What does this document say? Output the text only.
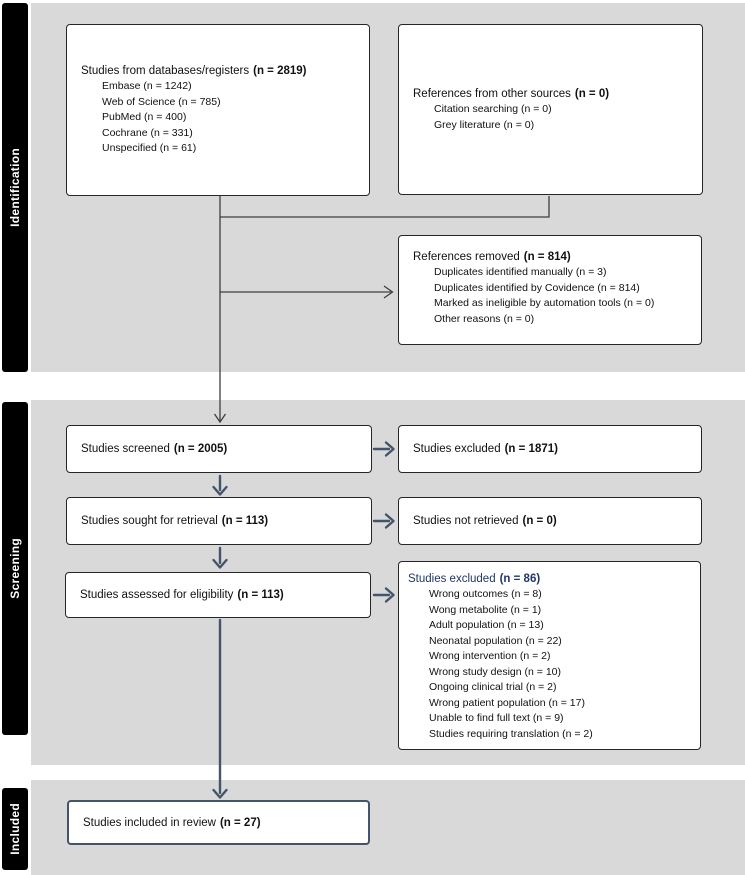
Identification
Screening
Included
Studies from databases/registers (n = 2819)
Embase (n = 1242)
Web of Science (n = 785)
PubMed (n = 400)
Cochrane (n = 331)
Unspecified (n = 61)
References from other sources (n = 0)
Citation searching (n = 0)
Grey literature (n = 0)
References removed (n = 814)
Duplicates identified manually (n = 3)
Duplicates identified by Covidence (n = 814)
Marked as ineligible by automation tools (n = 0)
Other reasons (n = 0)
Studies screened (n = 2005)	Studies excluded (n = 1871)
Studies sought for retrieval (n = 113)	Studies not retrieved (n = 0)
Studies assessed for eligibility (n = 113)
Studies excluded (n = 86)
Wrong outcomes (n = 8)
Wong metabolite (n = 1)
Adult population (n = 13)
Neonatal population (n = 22)
Wrong intervention (n = 2)
Wrong study design (n = 10)
Ongoing clinical trial (n = 2)
Wrong patient population (n = 17)
Unable to find full text (n = 9)
Studies requiring translation (n = 2)
Studies included in review (n = 27)
